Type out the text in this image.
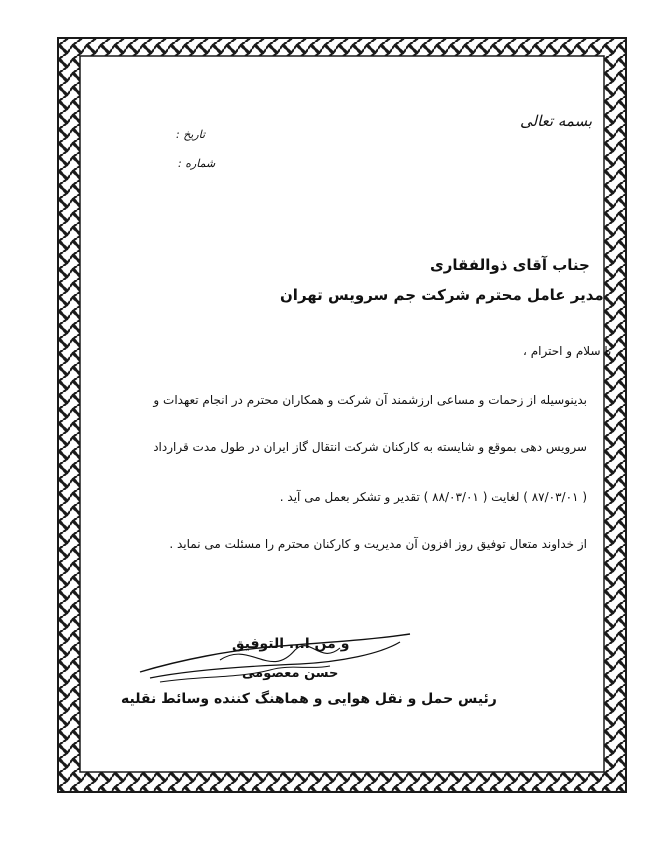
بسمه تعالی
تاریخ :
شماره :
جناب آقای ذوالفقاری
مدیر عامل محترم شرکت جم سرویس تهران
با سلام و احترام ،
بدینوسیله از زحمات و مساعی ارزشمند آن شرکت و همکاران محترم در انجام تعهدات و
سرویس دهی بموقع و شایسته به کارکنان شرکت انتقال گاز ایران در طول مدت قرارداد
( ۸۷/۰۳/۰۱ ) لغایت ( ۸۸/۰۳/۰۱ ) تقدیر و تشکر بعمل می آید .
از خداوند متعال توفیق روز افزون آن مدیریت و کارکنان محترم را مسئلت می نماید .
و من ا... التوفیق
حسن معصومی
رئیس حمل و نقل هوایی و هماهنگ کننده وسائط نقلیه
